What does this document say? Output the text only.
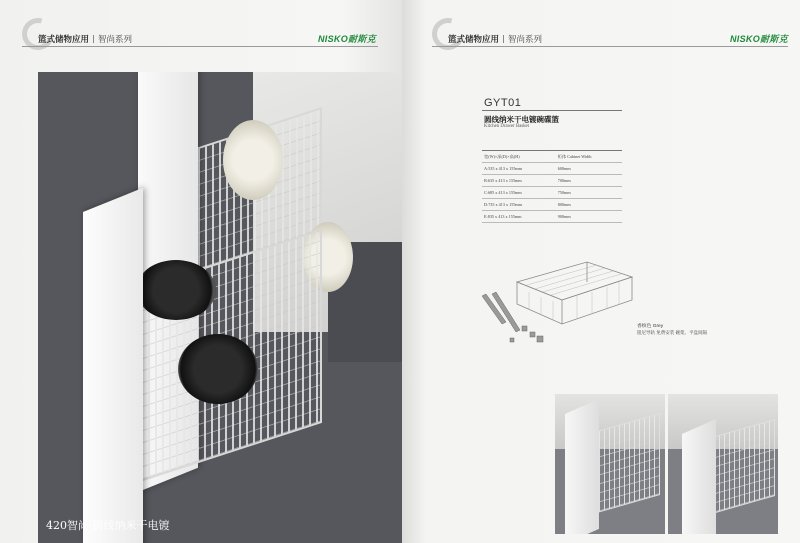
篮式储物应用 智尚系列	NISKO耐斯克
420智尚·圆线纳米干电镀
篮式储物应用 智尚系列	NISKO耐斯克
GYT01
圆线纳米干电镀碗碟篮
Kitchen Drawer Basket
宽(W)×深(D)×高(H)	柜体 Cabinet Width
A:535 x 413 x 155mm	600mm
B:635 x 413 x 155mm	700mm
C:685 x 413 x 155mm	750mm
D:735 x 413 x 155mm	800mm
E:835 x 413 x 155mm	900mm
香槟色 Grey
阻尼导轨 免费安装 碗架、平盘间隔
